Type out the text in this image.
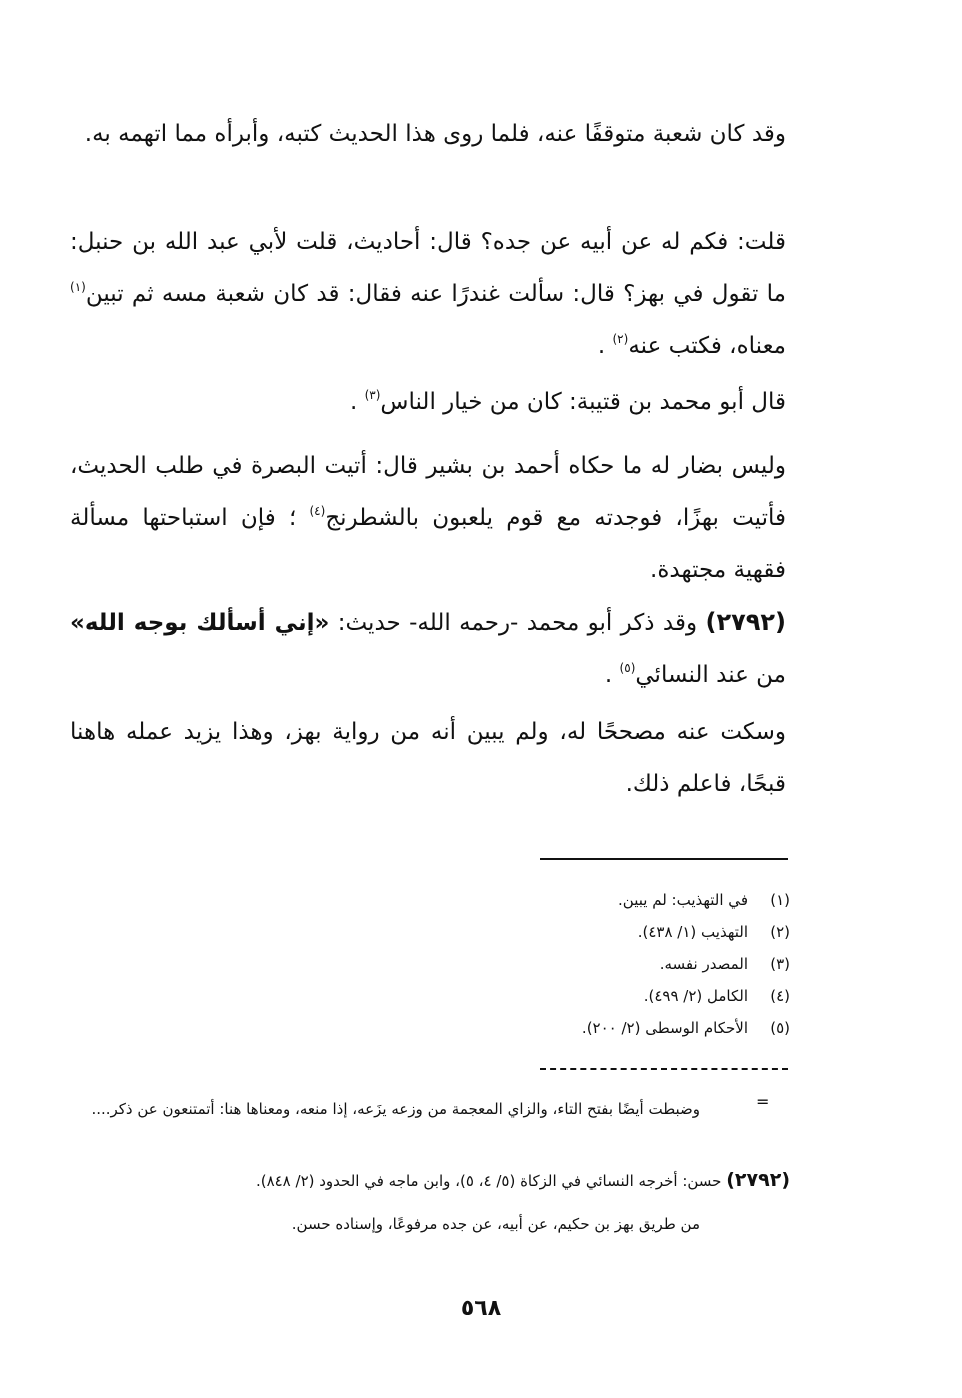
وقد كان شعبة متوقفًا عنه، فلما روى هذا الحديث كتبه، وأبرأه مما اتهمه به.
قلت: فكم له عن أبيه عن جده؟ قال: أحاديث، قلت لأبي عبد الله بن حنبل: ما تقول في بهز؟ قال: سألت غندرًا عنه فقال: قد كان شعبة مسه ثم تبين$^{(١)}$ معناه، فكتب عنه$^{(٢)}$ .
قال أبو محمد بن قتيبة: كان من خيار الناس$^{(٣)}$ .
وليس بضار له ما حكاه أحمد بن بشير قال: أتيت البصرة في طلب الحديث، فأتيت بهزًا، فوجدته مع قوم يلعبون بالشطرنج$^{(٤)}$ ؛ فإن استباحتها مسألة فقهية مجتهدة.
(٢٧٩٢) وقد ذكر أبو محمد -رحمه الله- حديث: «إني أسألك بوجه الله» من عند النسائي$^{(٥)}$ .
وسكت عنه مصححًا له، ولم يبين أنه من رواية بهز، وهذا يزيد عمله هاهنا قبحًا، فاعلم ذلك.
(١)
في التهذيب: لم يبين.
(٢)
التهذيب (١/ ٤٣٨).
(٣)
المصدر نفسه.
(٤)
الكامل (٢/ ٤٩٩).
(٥)
الأحكام الوسطى (٢/ ٢٠٠).
=
وضبطت أيضًا بفتح التاء، والزاي المعجمة من وزعه يزَعه، إذا منعه، ومعناها هنا: أتمتنعون عن ذكر....
(٢٧٩٢) حسن: أخرجه النسائي في الزكاة (٥/ ٤، ٥)، وابن ماجه في الحدود (٢/ ٨٤٨).
من طريق بهز بن حكيم، عن أبيه، عن جده مرفوعًا، وإسناده حسن.
٥٦٨
